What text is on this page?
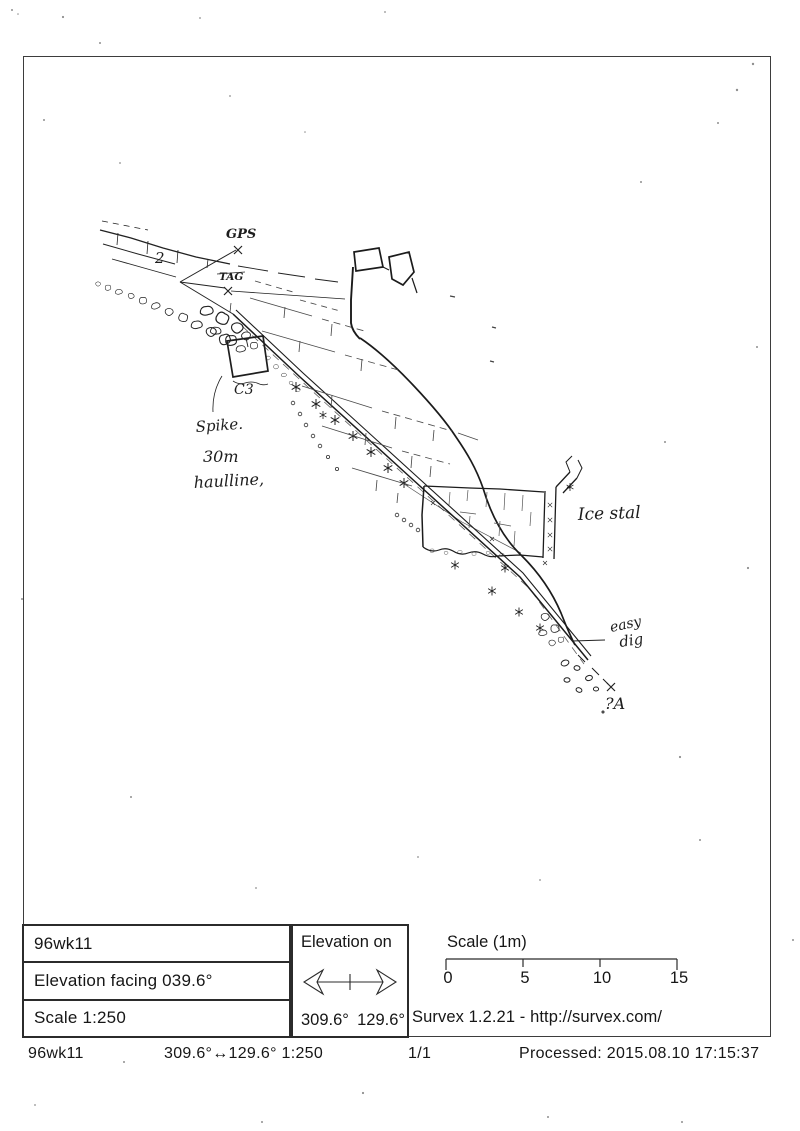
2
GPS
TAG
C3
Spike.
30m
haulline,
Ice stal
easy
dig
?A
96wk11
Elevation facing 039.6°
Scale 1:250
Elevation on
309.6° 129.6°
Scale (1m)
0	5	10	15
Survex 1.2.21 - http://survex.com/
96wk11	309.6°↔129.6° 1:250	1/1	Processed: 2015.08.10 17:15:37
